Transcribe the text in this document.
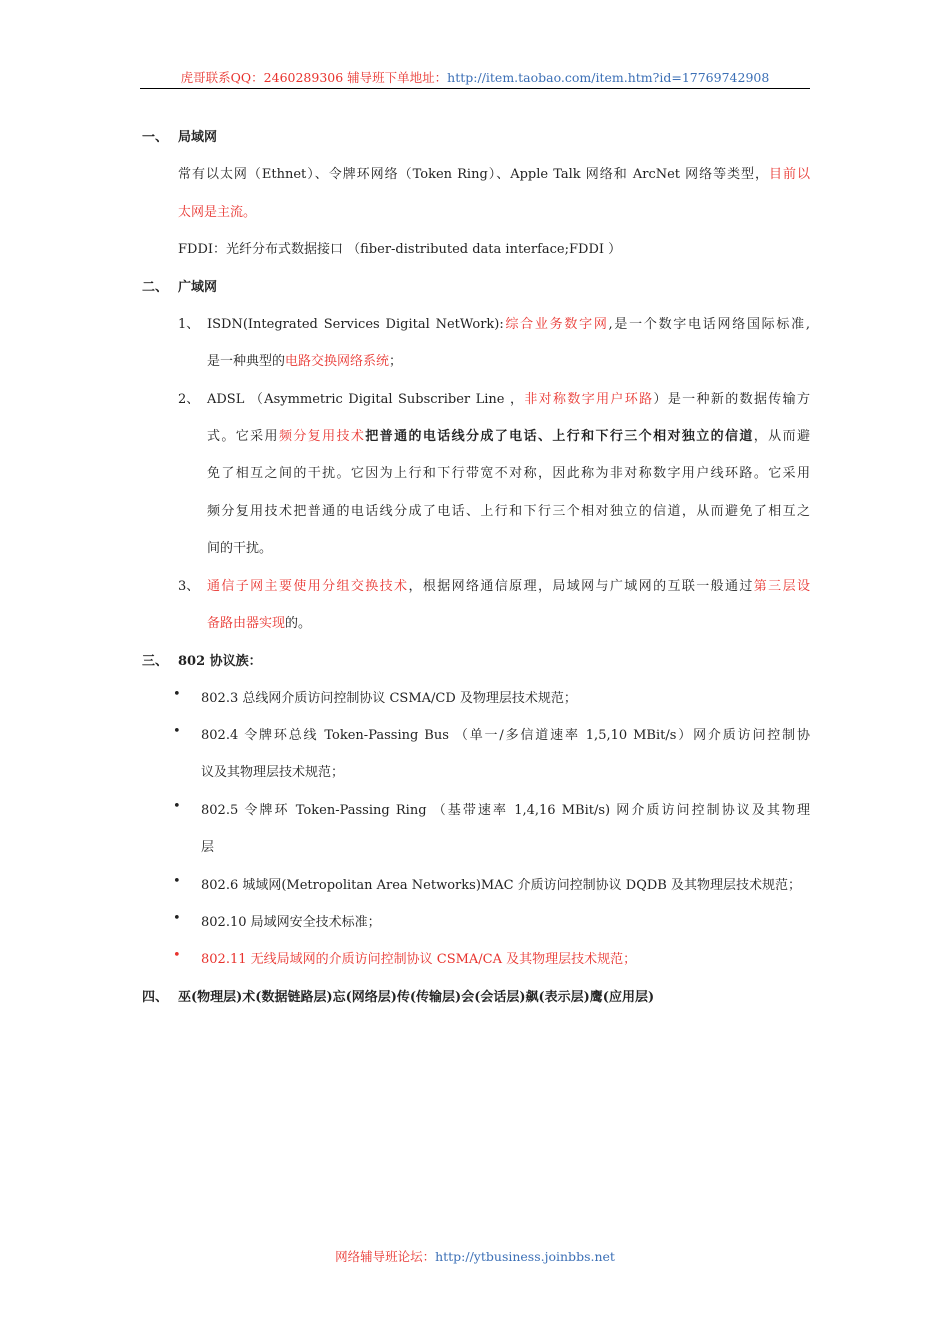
虎哥联系QQ：2460289306 辅导班下单地址：http://item.taobao.com/item.htm?id=17769742908
一、 局域网
常有以太网（Ethnet）、令牌环网络（Token Ring）、Apple Talk 网络和 ArcNet 网络等类型，目前以
太网是主流。
FDDI：光纤分布式数据接口 （fiber-distributed data interface;FDDI ）
二、 广域网
1、 ISDN(Integrated Services Digital NetWork):综合业务数字网,是一个数字电话网络国际标准,
是一种典型的电路交换网络系统；
2、 ADSL （Asymmetric Digital Subscriber Line ，非对称数字用户环路）是一种新的数据传输方
式。它采用频分复用技术把普通的电话线分成了电话、上行和下行三个相对独立的信道，从而避
免了相互之间的干扰。它因为上行和下行带宽不对称，因此称为非对称数字用户线环路。它采用
频分复用技术把普通的电话线分成了电话、上行和下行三个相对独立的信道，从而避免了相互之
间的干扰。
3、 通信子网主要使用分组交换技术，根据网络通信原理，局域网与广域网的互联一般通过第三层设
备路由器实现的。
三、 802 协议族：
• 802.3 总线网介质访问控制协议 CSMA/CD 及物理层技术规范；
• 802.4 令牌环总线 Token-Passing Bus （单一/多信道速率 1,5,10 MBit/s）网介质访问控制协
议及其物理层技术规范；
• 802.5 令牌环 Token-Passing Ring （基带速率 1,4,16 MBit/s) 网介质访问控制协议及其物理
层
• 802.6 城域网(Metropolitan Area Networks)MAC 介质访问控制协议 DQDB 及其物理层技术规范；
• 802.10 局域网安全技术标准；
• 802.11 无线局域网的介质访问控制协议 CSMA/CA 及其物理层技术规范；
四、 巫(物理层)术(数据链路层)忘(网络层)传(传输层)会(会话层)飙(表示层)鹰(应用层)
网络辅导班论坛：http://ytbusiness.joinbbs.net
